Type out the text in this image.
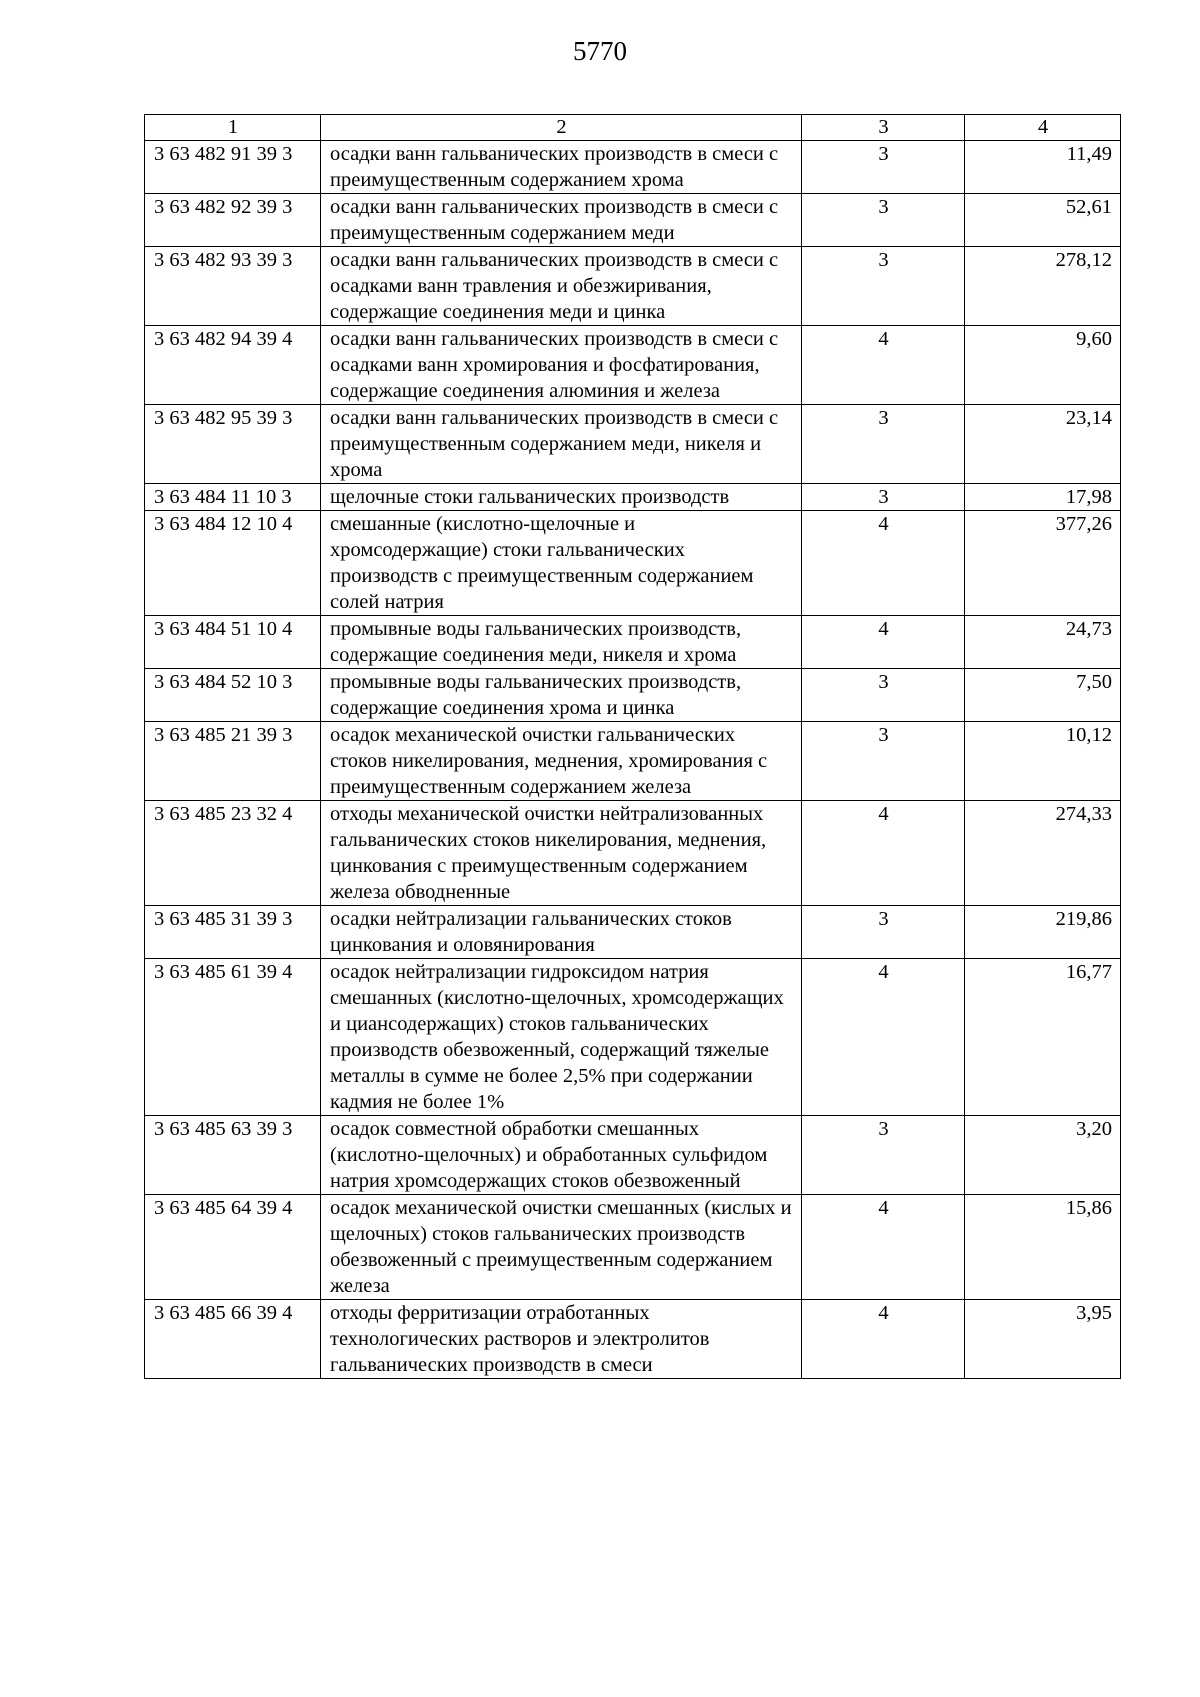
5770
1	2	3	4
3 63 482 91 39 3	осадки ванн гальванических производств в смеси с преимущественным содержанием хрома	3	11,49
3 63 482 92 39 3	осадки ванн гальванических производств в смеси с преимущественным содержанием меди	3	52,61
3 63 482 93 39 3	осадки ванн гальванических производств в смеси с осадками ванн травления и обезжиривания, содержащие соединения меди и цинка	3	278,12
3 63 482 94 39 4	осадки ванн гальванических производств в смеси с осадками ванн хромирования и фосфатирования, содержащие соединения алюминия и железа	4	9,60
3 63 482 95 39 3	осадки ванн гальванических производств в смеси с преимущественным содержанием меди, никеля и хрома	3	23,14
3 63 484 11 10 3	щелочные стоки гальванических производств	3	17,98
3 63 484 12 10 4	смешанные (кислотно-щелочные и хромсодержащие) стоки гальванических производств с преимущественным содержанием солей натрия	4	377,26
3 63 484 51 10 4	промывные воды гальванических производств, содержащие соединения меди, никеля и хрома	4	24,73
3 63 484 52 10 3	промывные воды гальванических производств, содержащие соединения хрома и цинка	3	7,50
3 63 485 21 39 3	осадок механической очистки гальванических стоков никелирования, меднения, хромирования с преимущественным содержанием железа	3	10,12
3 63 485 23 32 4	отходы механической очистки нейтрализованных гальванических стоков никелирования, меднения, цинкования с преимущественным содержанием железа обводненные	4	274,33
3 63 485 31 39 3	осадки нейтрализации гальванических стоков цинкования и оловянирования	3	219,86
3 63 485 61 39 4	осадок нейтрализации гидроксидом натрия смешанных (кислотно-щелочных, хромсодержащих и циансодержащих) стоков гальванических производств обезвоженный, содержащий тяжелые металлы в сумме не более 2,5% при содержании кадмия не более 1%	4	16,77
3 63 485 63 39 3	осадок совместной обработки смешанных (кислотно-щелочных) и обработанных сульфидом натрия хромсодержащих стоков обезвоженный	3	3,20
3 63 485 64 39 4	осадок механической очистки смешанных (кислых и щелочных) стоков гальванических производств обезвоженный с преимущественным содержанием железа	4	15,86
3 63 485 66 39 4	отходы ферритизации отработанных технологических растворов и электролитов гальванических производств в смеси	4	3,95
